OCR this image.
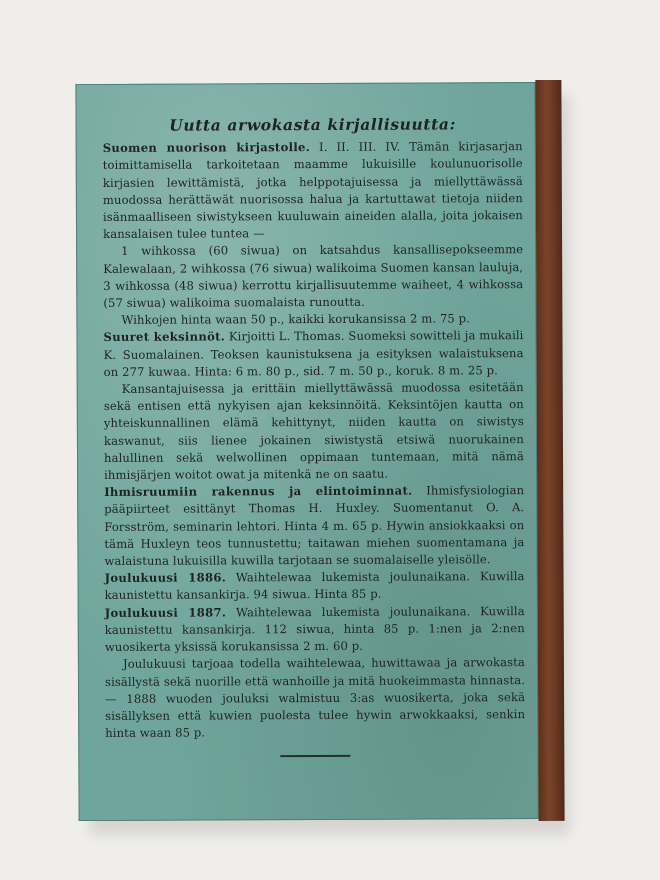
Uutta arwokasta kirjallisuutta:

Suomen nuorison kirjastolle. I. II. III. IV. Tämän kirjasarjan toimittamisella tarkoitetaan maamme lukuisille koulunuorisolle kirjasien lewittämistä, jotka helppotajuisessa ja miellyttäwässä muodossa herättäwät nuorisossa halua ja kartuttawat tietoja niiden isänmaalliseen siwistykseen kuuluwain aineiden alalla, joita jokaisen kansalaisen tulee tuntea —

1 wihkossa (60 siwua) on katsahdus kansallisepokseemme Kalewalaan, 2 wihkossa (76 siwua) walikoima Suomen kansan lauluja, 3 wihkossa (48 siwua) kerrottu kirjallisuutemme waiheet, 4 wihkossa (57 siwua) walikoima suomalaista runoutta.

Wihkojen hinta waan 50 p., kaikki korukansissa 2 m. 75 p.

Suuret keksinnöt. Kirjoitti L. Thomas. Suomeksi sowitteli ja mukaili K. Suomalainen. Teoksen kaunistuksena ja esityksen walaistuksena on 277 kuwaa. Hinta: 6 m. 80 p., sid. 7 m. 50 p., koruk. 8 m. 25 p.

Kansantajuisessa ja erittäin miellyttäwässä muodossa esitetään sekä entisen että nykyisen ajan keksinnöitä. Keksintöjen kautta on yhteiskunnallinen elämä kehittynyt, niiden kautta on siwistys kaswanut, siis lienee jokainen siwistystä etsiwä nuorukainen halullinen sekä welwollinen oppimaan tuntemaan, mitä nämä ihmisjärjen woitot owat ja mitenkä ne on saatu.

Ihmisruumiin rakennus ja elintoiminnat. Ihmisfysiologian pääpiirteet esittänyt Thomas H. Huxley. Suomentanut O. A. Forsström, seminarin lehtori. Hinta 4 m. 65 p. Hywin ansiokkaaksi on tämä Huxleyn teos tunnustettu; taitawan miehen suomentamana ja walaistuna lukuisilla kuwilla tarjotaan se suomalaiselle yleisölle.

Joulukuusi 1886. Waihtelewaa lukemista joulunaikana. Kuwilla kaunistettu kansankirja. 94 siwua. Hinta 85 p.

Joulukuusi 1887. Waihtelewaa lukemista joulunaikana. Kuwilla kaunistettu kansankirja. 112 siwua, hinta 85 p. 1:nen ja 2:nen wuosikerta yksissä korukansissa 2 m. 60 p.

Joulukuusi tarjoaa todella waihtelewaa, huwittawaa ja arwokasta sisällystä sekä nuorille että wanhoille ja mitä huokeimmasta hinnasta. — 1888 wuoden jouluksi walmistuu 3:as wuosikerta, joka sekä sisällyksen että kuwien puolesta tulee hywin arwokkaaksi, senkin hinta waan 85 p.
